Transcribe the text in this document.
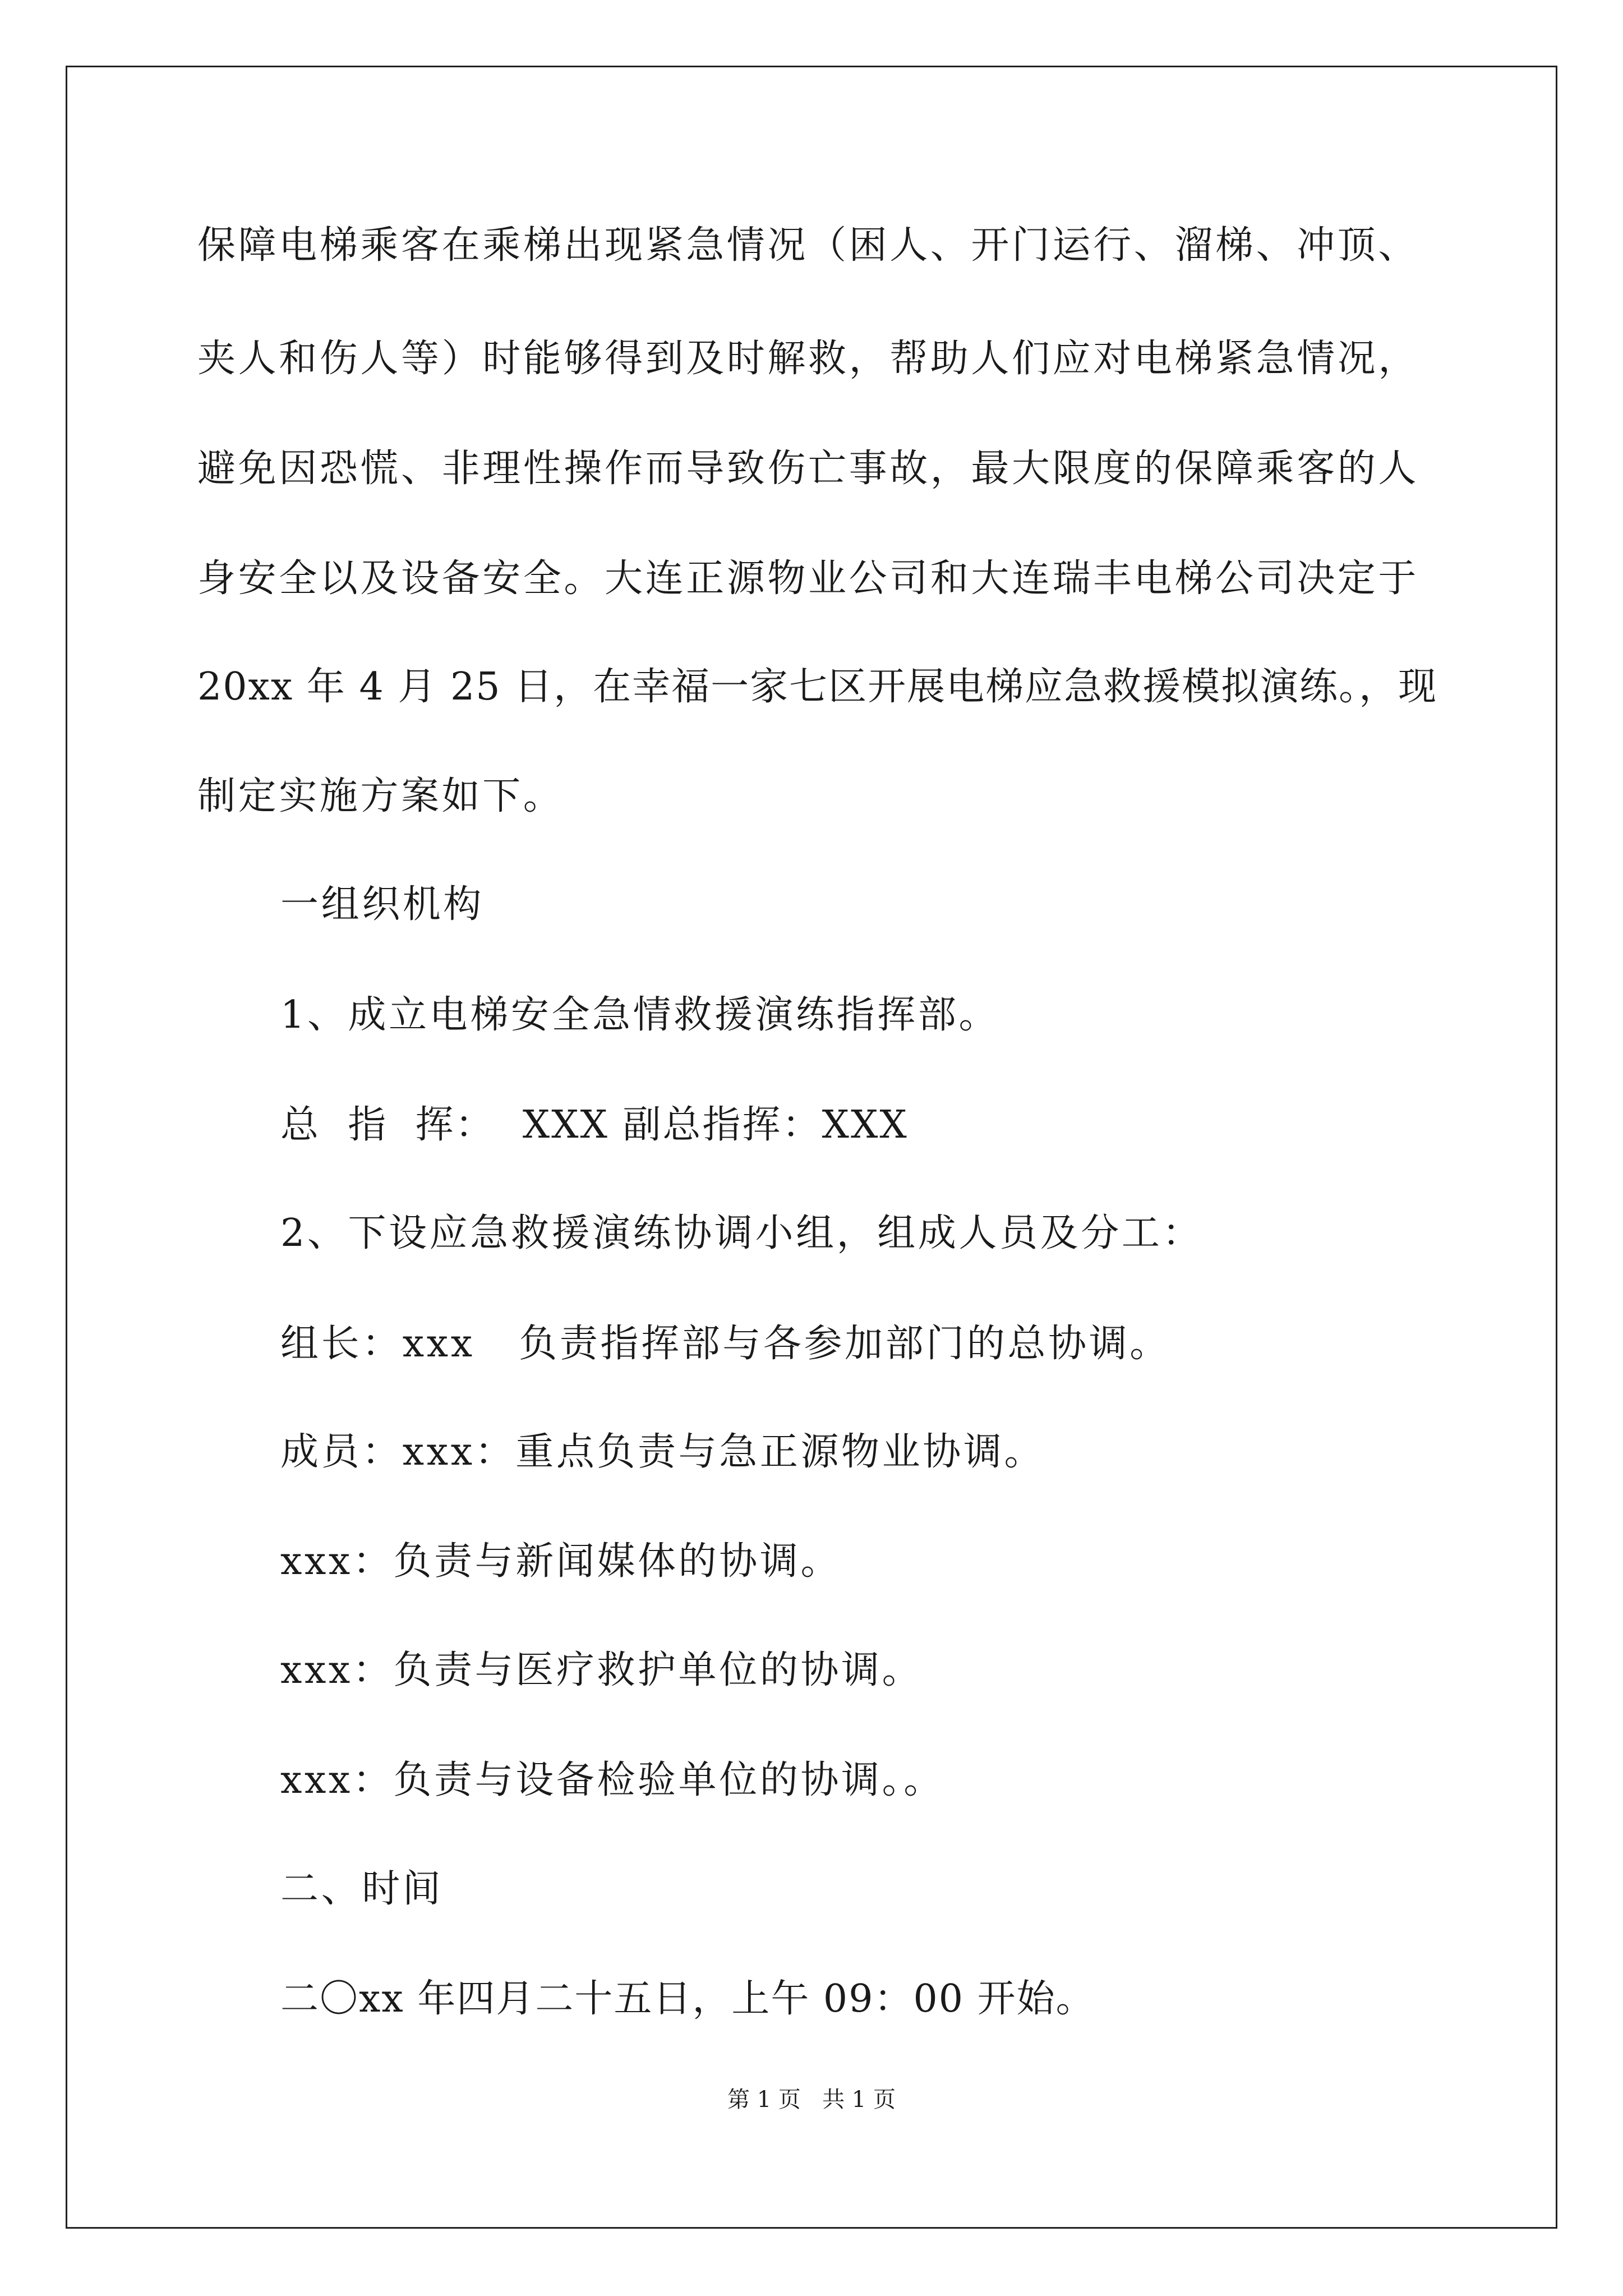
保障电梯乘客在乘梯出现紧急情况（困人、开门运行、溜梯、冲顶、

夹人和伤人等）时能够得到及时解救，帮助人们应对电梯紧急情况，

避免因恐慌、非理性操作而导致伤亡事故，最大限度的保障乘客的人

身安全以及设备安全。大连正源物业公司和大连瑞丰电梯公司决定于

20xx 年 4 月 25 日，在幸福一家七区开展电梯应急救援模拟演练。，现

制定实施方案如下。

一组织机构

1、成立电梯安全急情救援演练指挥部。

总  指  挥：  XXX 副总指挥：XXX

2、下设应急救援演练协调小组，组成人员及分工：

组长：xxx   负责指挥部与各参加部门的总协调。

成员：xxx：重点负责与急正源物业协调。

xxx：负责与新闻媒体的协调。

xxx：负责与医疗救护单位的协调。

xxx：负责与设备检验单位的协调。。

二、时间

二〇xx 年四月二十五日，上午 09：00 开始。

第 1 页   共 1 页
